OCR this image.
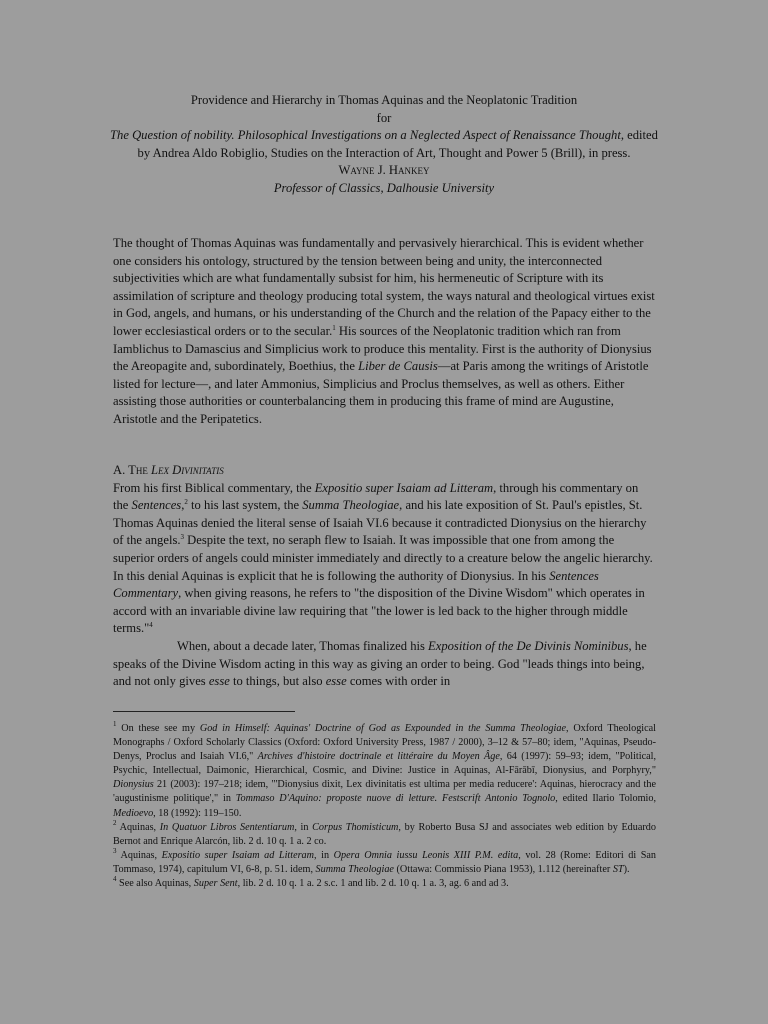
Providence and Hierarchy in Thomas Aquinas and the Neoplatonic Tradition
for
The Question of nobility. Philosophical Investigations on a Neglected Aspect of Renaissance Thought, edited by Andrea Aldo Robiglio, Studies on the Interaction of Art, Thought and Power 5 (Brill), in press.
Wayne J. Hankey
Professor of Classics, Dalhousie University

The thought of Thomas Aquinas was fundamentally and pervasively hierarchical. This is evident whether one considers his ontology, structured by the tension between being and unity, the interconnected subjectivities which are what fundamentally subsist for him, his hermeneutic of Scripture with its assimilation of scripture and theology producing total system, the ways natural and theological virtues exist in God, angels, and humans, or his understanding of the Church and the relation of the Papacy either to the lower ecclesiastical orders or to the secular.$^1$ His sources of the Neoplatonic tradition which ran from Iamblichus to Damascius and Simplicius work to produce this mentality. First is the authority of Dionysius the Areopagite and, subordinately, Boethius, the Liber de Causis—at Paris among the writings of Aristotle listed for lecture—, and later Ammonius, Simplicius and Proclus themselves, as well as others. Either assisting those authorities or counterbalancing them in producing this frame of mind are Augustine, Aristotle and the Peripatetics.

A. The Lex Divinitatis

From his first Biblical commentary, the Expositio super Isaiam ad Litteram, through his commentary on the Sentences,$^2$ to his last system, the Summa Theologiae, and his late exposition of St. Paul's epistles, St. Thomas Aquinas denied the literal sense of Isaiah VI.6 because it contradicted Dionysius on the hierarchy of the angels.$^3$ Despite the text, no seraph flew to Isaiah. It was impossible that one from among the superior orders of angels could minister immediately and directly to a creature below the angelic hierarchy. In this denial Aquinas is explicit that he is following the authority of Dionysius. In his Sentences Commentary, when giving reasons, he refers to "the disposition of the Divine Wisdom" which operates in accord with an invariable divine law requiring that "the lower is led back to the higher through middle terms."$^4$

When, about a decade later, Thomas finalized his Exposition of the De Divinis Nominibus, he speaks of the Divine Wisdom acting in this way as giving an order to being. God "leads things into being, and not only gives esse to things, but also esse comes with order in

$^1$ On these see my God in Himself: Aquinas' Doctrine of God as Expounded in the Summa Theologiae, Oxford Theological Monographs / Oxford Scholarly Classics (Oxford: Oxford University Press, 1987 / 2000), 3–12 & 57–80; idem, "Aquinas, Pseudo-Denys, Proclus and Isaiah VI.6," Archives d'histoire doctrinale et littéraire du Moyen Âge, 64 (1997): 59–93; idem, "Political, Psychic, Intellectual, Daimonic, Hierarchical, Cosmic, and Divine: Justice in Aquinas, Al-Fārābī, Dionysius, and Porphyry," Dionysius 21 (2003): 197–218; idem, "'Dionysius dixit, Lex divinitatis est ultima per media reducere': Aquinas, hierocracy and the 'augustinisme politique'," in Tommaso D'Aquino: proposte nuove di letture. Festscrift Antonio Tognolo, edited Ilario Tolomio, Medioevo, 18 (1992): 119–150.

$^2$ Aquinas, In Quatuor Libros Sententiarum, in Corpus Thomisticum, by Roberto Busa SJ and associates web edition by Eduardo Bernot and Enrique Alarcón, lib. 2 d. 10 q. 1 a. 2 co.

$^3$ Aquinas, Expositio super Isaiam ad Litteram, in Opera Omnia iussu Leonis XIII P.M. edita, vol. 28 (Rome: Editori di San Tommaso, 1974), capitulum VI, 6-8, p. 51. idem, Summa Theologiae (Ottawa: Commissio Piana 1953), 1.112 (hereinafter ST).

$^4$ See also Aquinas, Super Sent, lib. 2 d. 10 q. 1 a. 2 s.c. 1 and lib. 2 d. 10 q. 1 a. 3, ag. 6 and ad 3.
